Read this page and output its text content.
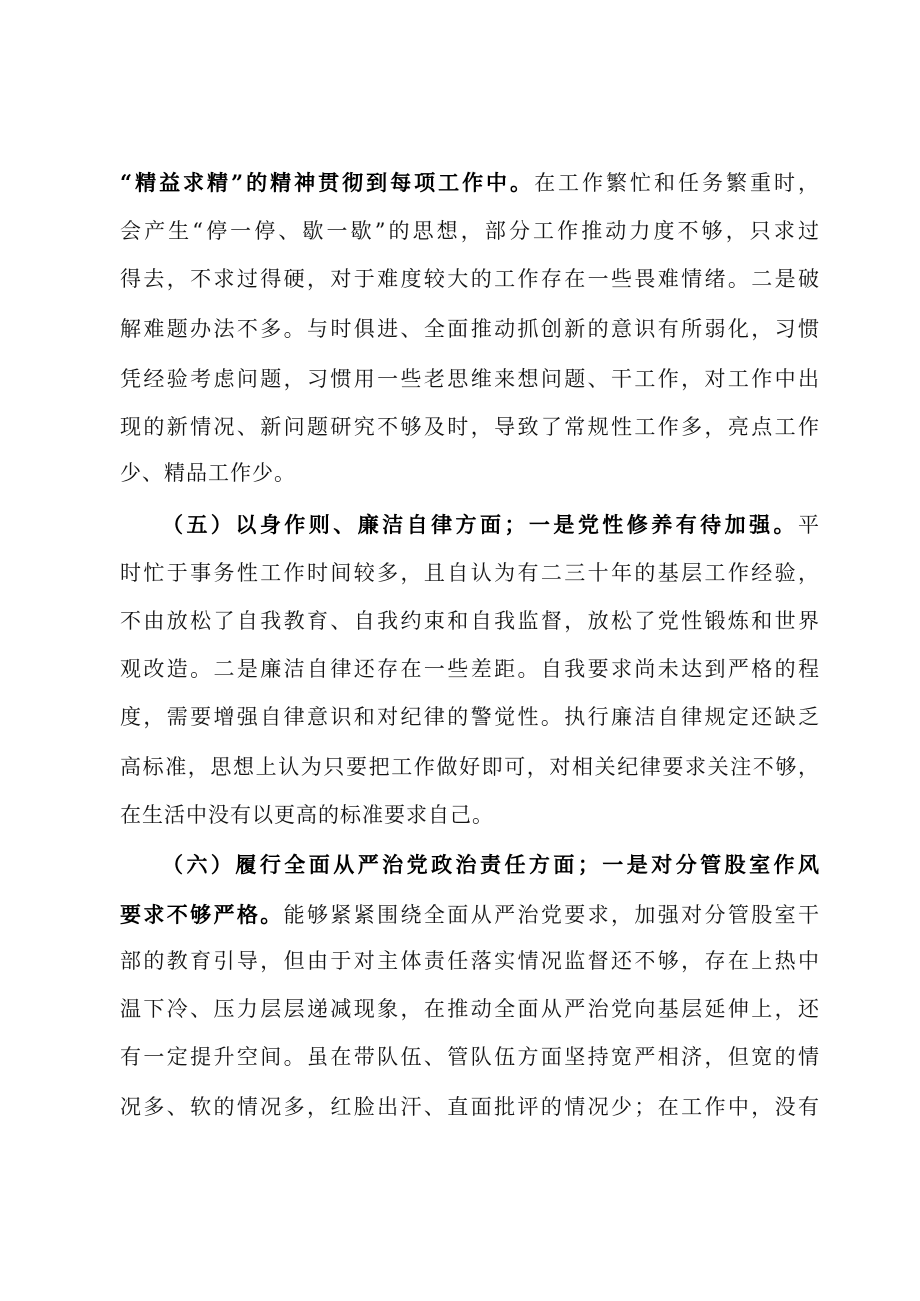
“精益求精”的精神贯彻到每项工作中。在工作繁忙和任务繁重时，
会产生“停一停、歇一歇”的思想，部分工作推动力度不够，只求过
得去，不求过得硬，对于难度较大的工作存在一些畏难情绪。二是破
解难题办法不多。与时俱进、全面推动抓创新的意识有所弱化，习惯
凭经验考虑问题，习惯用一些老思维来想问题、干工作，对工作中出
现的新情况、新问题研究不够及时，导致了常规性工作多，亮点工作
少、精品工作少。
（五）以身作则、廉洁自律方面；一是党性修养有待加强。平
时忙于事务性工作时间较多，且自认为有二三十年的基层工作经验，
不由放松了自我教育、自我约束和自我监督，放松了党性锻炼和世界
观改造。二是廉洁自律还存在一些差距。自我要求尚未达到严格的程
度，需要增强自律意识和对纪律的警觉性。执行廉洁自律规定还缺乏
高标准，思想上认为只要把工作做好即可，对相关纪律要求关注不够，
在生活中没有以更高的标准要求自己。
（六）履行全面从严治党政治责任方面；一是对分管股室作风
要求不够严格。能够紧紧围绕全面从严治党要求，加强对分管股室干
部的教育引导，但由于对主体责任落实情况监督还不够，存在上热中
温下冷、压力层层递减现象，在推动全面从严治党向基层延伸上，还
有一定提升空间。虽在带队伍、管队伍方面坚持宽严相济，但宽的情
况多、软的情况多，红脸出汗、直面批评的情况少；在工作中，没有
